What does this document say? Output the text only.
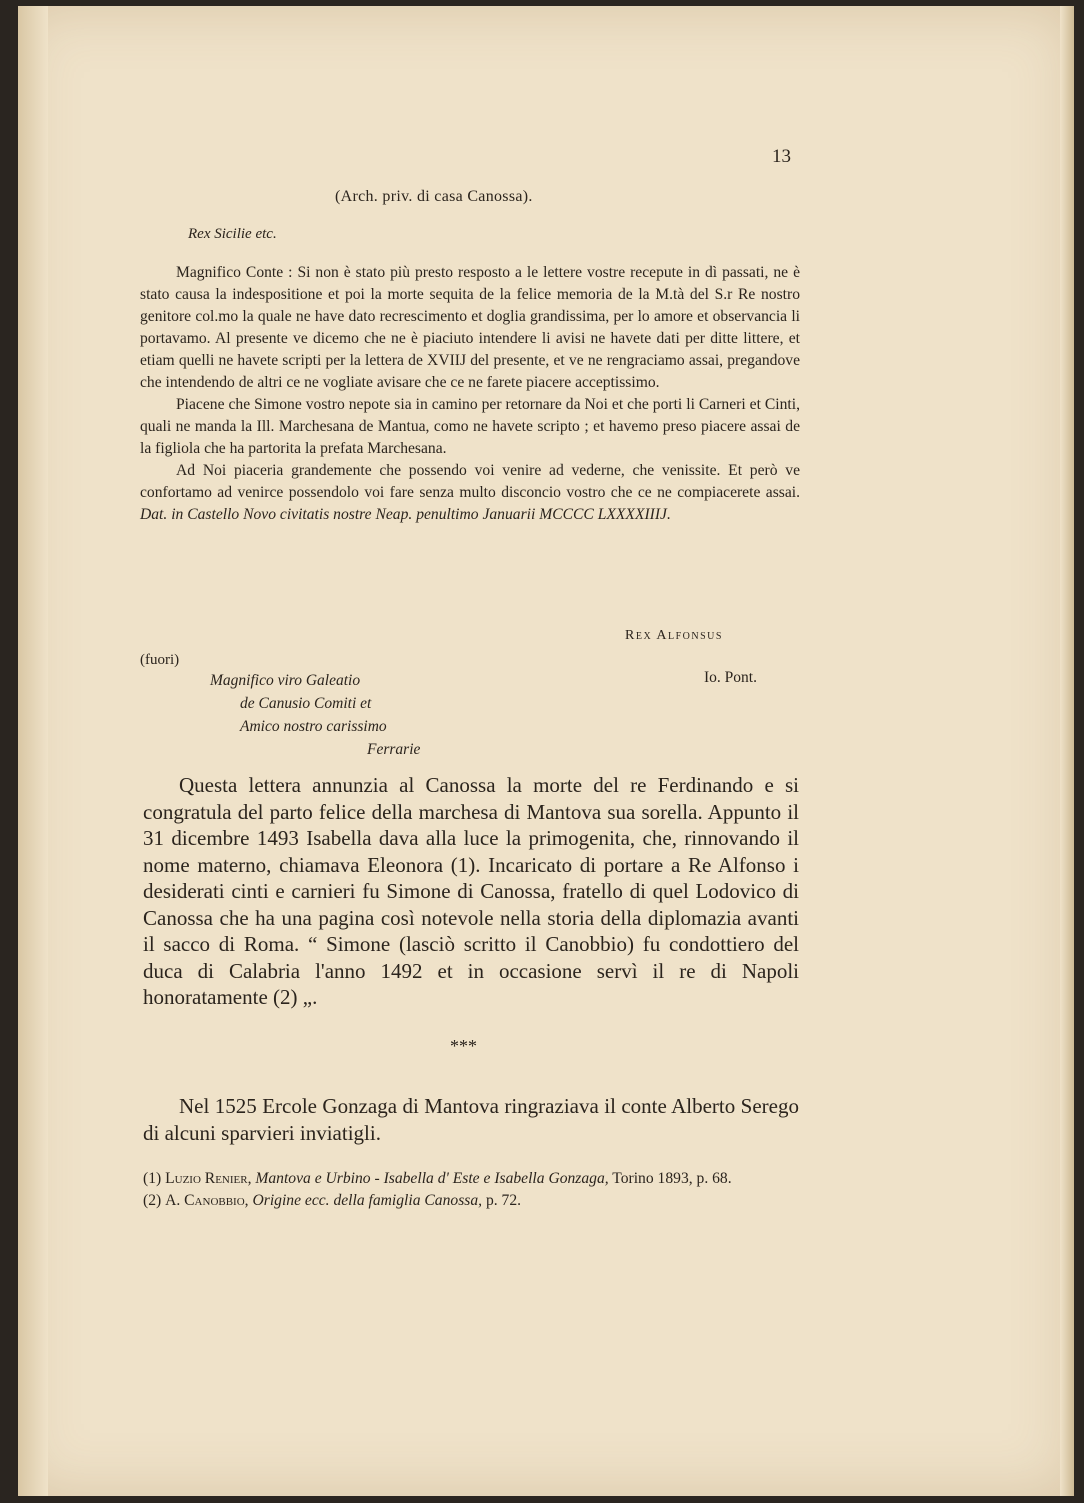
13
(Arch. priv. di casa Canossa).
Rex Sicilie etc.

Magnifico Conte : Si non è stato più presto resposto a le lettere vostre recepute in dì passati, ne è stato causa la indespositione et poi la morte sequita de la felice memoria de la M.tà del S.r Re nostro genitore col.mo la quale ne have dato recrescimento et doglia grandissima, per lo amore et observancia li portavamo. Al presente ve dicemo che ne è piaciuto intendere li avisi ne havete dati per ditte littere, et etiam quelli ne havete scripti per la lettera de XVIIJ del presente, et ve ne rengraciamo assai, pregandove che intendendo de altri ce ne vogliate avisare che ce ne farete piacere acceptissimo.

Piacene che Simone vostro nepote sia in camino per retornare da Noi et che porti li Carneri et Cinti, quali ne manda la Ill. Marchesana de Mantua, como ne havete scripto ; et havemo preso piacere assai de la figliola che ha partorita la prefata Marchesana.

Ad Noi piaceria grandemente che possendo voi venire ad vederne, che venissite. Et però ve confortamo ad venirce possendolo voi fare senza multo disconcio vostro che ce ne compiacerete assai. Dat. in Castello Novo civitatis nostre Neap. penultimo Januarii MCCCC LXXXXIIIJ.

Rex Alfonsus
(fuori)
Magnifico viro Galeatio
de Canusio Comiti et
Amico nostro carissimo
Ferrarie
Io. Pont.

Questa lettera annunzia al Canossa la morte del re Ferdinando e si congratula del parto felice della marchesa di Mantova sua sorella. Appunto il 31 dicembre 1493 Isabella dava alla luce la primogenita, che, rinnovando il nome materno, chiamava Eleonora (1). Incaricato di portare a Re Alfonso i desiderati cinti e carnieri fu Simone di Canossa, fratello di quel Lodovico di Canossa che ha una pagina così notevole nella storia della diplomazia avanti il sacco di Roma. “ Simone (lasciò scritto il Canobbio) fu condottiero del duca di Calabria l'anno 1492 et in occasione servì il re di Napoli honoratamente (2) „.

***

Nel 1525 Ercole Gonzaga di Mantova ringraziava il conte Alberto Serego di alcuni sparvieri inviatigli.

(1) Luzio Renier, Mantova e Urbino - Isabella d' Este e Isabella Gonzaga, Torino 1893, p. 68.

(2) A. Canobbio, Origine ecc. della famiglia Canossa, p. 72.
